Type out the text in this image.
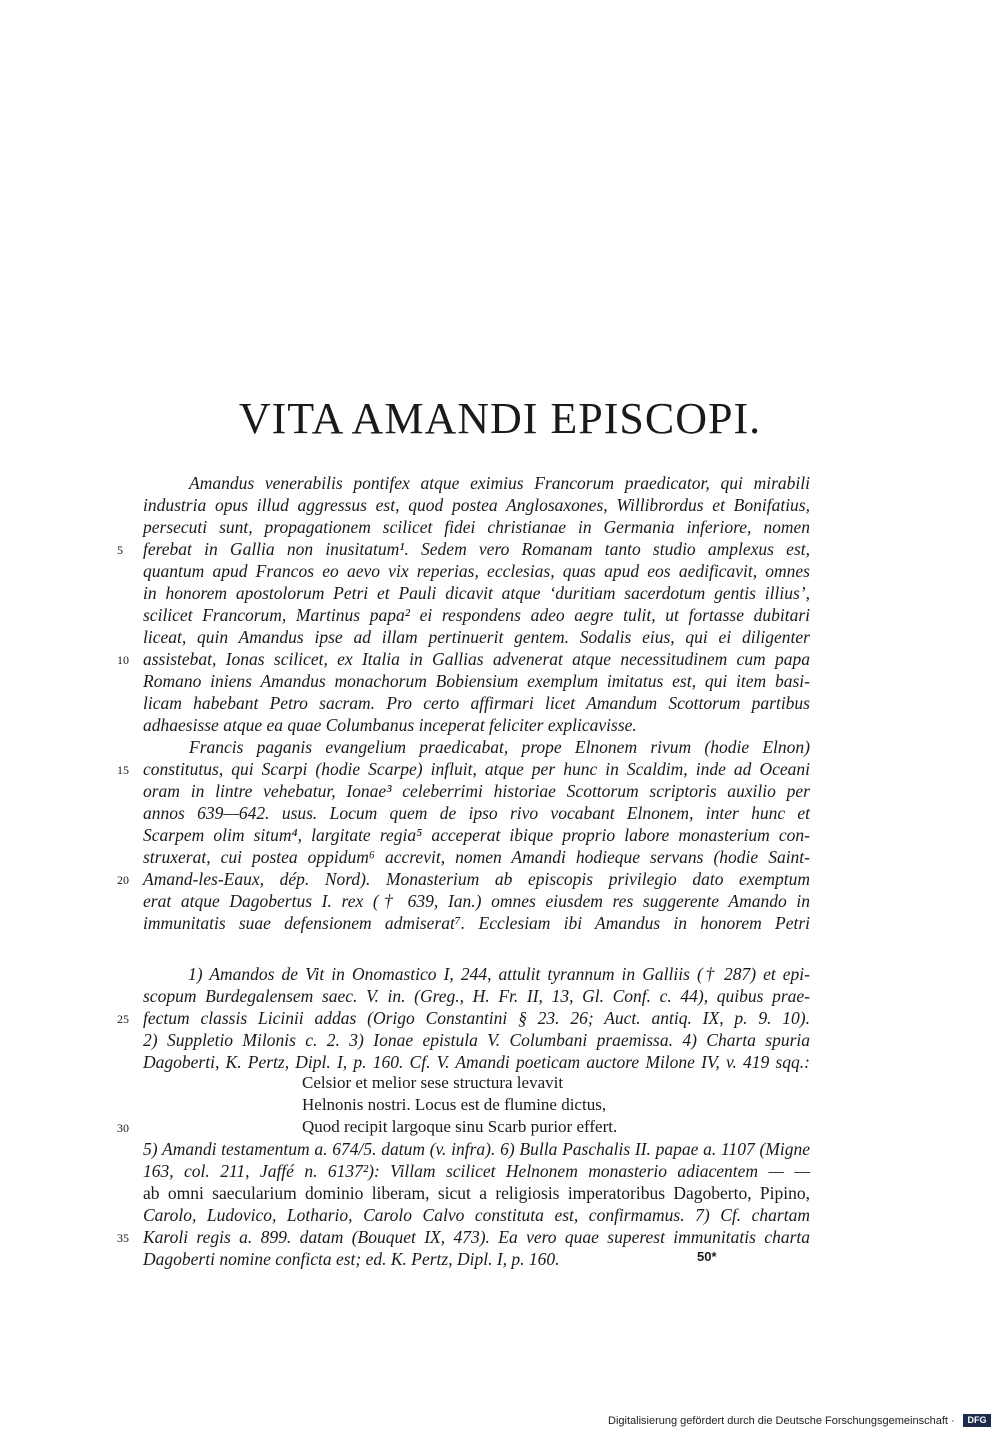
VITA AMANDI EPISCOPI.
Amandus venerabilis pontifex atque eximius Francorum praedicator, qui mirabili
industria opus illud aggressus est, quod postea Anglosaxones, Willibrordus et Bonifatius,
persecuti sunt, propagationem scilicet fidei christianae in Germania inferiore, nomen
ferebat in Gallia non inusitatum¹. Sedem vero Romanam tanto studio amplexus est,
quantum apud Francos eo aevo vix reperias, ecclesias, quas apud eos aedificavit, omnes
in honorem apostolorum Petri et Pauli dicavit atque ‘duritiam sacerdotum gentis illius’,
scilicet Francorum, Martinus papa² ei respondens adeo aegre tulit, ut fortasse dubitari
liceat, quin Amandus ipse ad illam pertinuerit gentem. Sodalis eius, qui ei diligenter
assistebat, Ionas scilicet, ex Italia in Gallias advenerat atque necessitudinem cum papa
Romano iniens Amandus monachorum Bobiensium exemplum imitatus est, qui item basi-
licam habebant Petro sacram. Pro certo affirmari licet Amandum Scottorum partibus
adhaesisse atque ea quae Columbanus inceperat feliciter explicavisse.
Francis paganis evangelium praedicabat, prope Elnonem rivum (hodie Elnon)
constitutus, qui Scarpi (hodie Scarpe) influit, atque per hunc in Scaldim, inde ad Oceani
oram in lintre vehebatur, Ionae³ celeberrimi historiae Scottorum scriptoris auxilio per
annos 639—642. usus. Locum quem de ipso rivo vocabant Elnonem, inter hunc et
Scarpem olim situm⁴, largitate regia⁵ acceperat ibique proprio labore monasterium con-
struxerat, cui postea oppidum⁶ accrevit, nomen Amandi hodieque servans (hodie Saint-
Amand-les-Eaux, dép. Nord). Monasterium ab episcopis privilegio dato exemptum
erat atque Dagobertus I. rex († 639, Ian.) omnes eiusdem res suggerente Amando in
immunitatis suae defensionem admiserat⁷. Ecclesiam ibi Amandus in honorem Petri
1) Amandos de Vit in Onomastico I, 244, attulit tyrannum in Galliis († 287) et epi-
scopum Burdegalensem saec. V. in. (Greg., H. Fr. II, 13, Gl. Conf. c. 44), quibus prae-
fectum classis Licinii addas (Origo Constantini § 23. 26; Auct. antiq. IX, p. 9. 10).
2) Suppletio Milonis c. 2. 3) Ionae epistula V. Columbani praemissa. 4) Charta spuria
Dagoberti, K. Pertz, Dipl. I, p. 160. Cf. V. Amandi poeticam auctore Milone IV, v. 419 sqq.:
Celsior et melior sese structura levavit
Helnonis nostri. Locus est de flumine dictus,
Quod recipit largoque sinu Scarb purior effert.
5) Amandi testamentum a. 674/5. datum (v. infra). 6) Bulla Paschalis II. papae a. 1107 (Migne
163, col. 211, Jaffé n. 6137²): Villam scilicet Helnonem monasterio adiacentem — —
ab omni saecularium dominio liberam, sicut a religiosis imperatoribus Dagoberto, Pipino,
Carolo, Ludovico, Lothario, Carolo Calvo constituta est, confirmamus. 7) Cf. chartam
Karoli regis a. 899. datam (Bouquet IX, 473). Ea vero quae superest immunitatis charta
Dagoberti nomine conficta est; ed. K. Pertz, Dipl. I, p. 160.
5
10
15
20
25
30
35
50*
Digitalisierung gefördert durch die Deutsche Forschungsgemeinschaft ·	DFG
